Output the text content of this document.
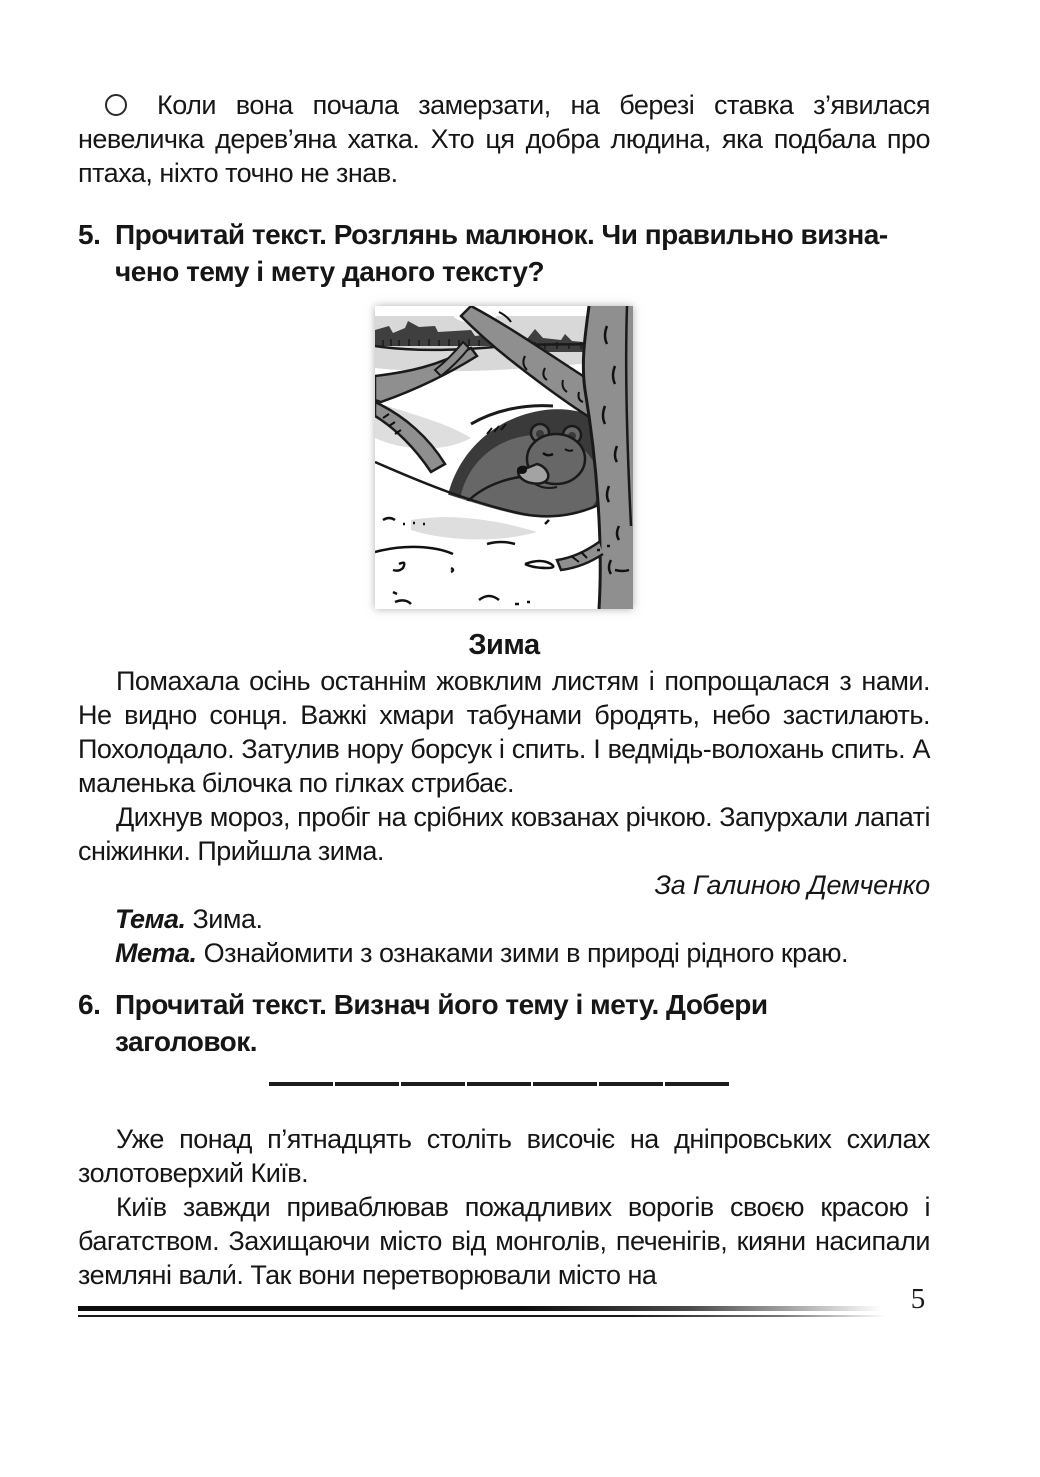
Коли вона почала замерзати, на березі ставка з’явилася невеличка дерев’яна хатка. Хто ця добра людина, яка подбала про птаха, ніхто точно не знав.

5. Прочитай текст. Розглянь малюнок. Чи правильно визна-
чено тему і мету даного тексту?
Зима

Помахала осінь останнім жовклим листям і попрощалася з нами. Не видно сонця. Важкі хмари табунами бродять, небо застилають. Похолодало. Затулив нору борсук і спить. І ведмідь-волохань спить. А маленька білочка по гілках стрибає.

Дихнув мороз, пробіг на срібних ковзанах річкою. Запурхали лапаті сніжинки. Прийшла зима.

За Галиною Демченко

Тема. Зима.

Мета. Ознайомити з ознаками зими в природі рідного краю.

6. Прочитай текст. Визнач його тему і мету. Добери
заголовок.

Уже понад п’ятнадцять століть височіє на дніпровських схилах золотоверхий Київ.

Київ завжди приваблював пожадливих ворогів своєю красою і багатством. Захищаючи місто від монголів, печенігів, кияни насипали земляні вали́. Так вони перетворювали місто на

5
